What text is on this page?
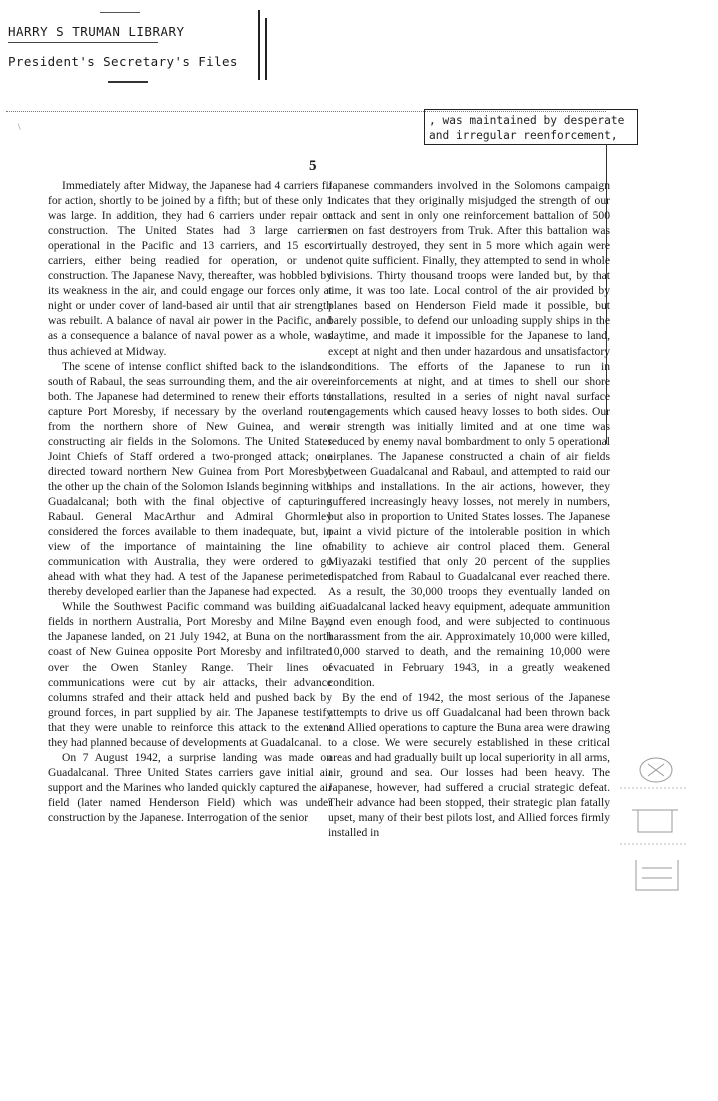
HARRY S TRUMAN LIBRARY
President's Secretary's Files
\	, was maintained by desperate
and irregular reenforcement,
5

Immediately after Midway, the Japanese had 4 carriers fit for action, shortly to be joined by a fifth; but of these only 1 was large. In addition, they had 6 carriers under repair or construction. The United States had 3 large carriers operational in the Pacific and 13 carriers, and 15 escort carriers, either being readied for operation, or under construction. The Japanese Navy, thereafter, was hobbled by its weakness in the air, and could engage our forces only at night or under cover of land-based air until that air strength was rebuilt. A balance of naval air power in the Pacific, and as a consequence a balance of naval power as a whole, was thus achieved at Midway.

The scene of intense conflict shifted back to the islands south of Rabaul, the seas surrounding them, and the air over both. The Japanese had determined to renew their efforts to capture Port Moresby, if necessary by the overland route from the northern shore of New Guinea, and were constructing air fields in the Solomons. The United States Joint Chiefs of Staff ordered a two-pronged attack; one directed toward northern New Guinea from Port Moresby, the other up the chain of the Solomon Islands beginning with Guadalcanal; both with the final objective of capturing Rabaul. General MacArthur and Admiral Ghormley considered the forces available to them inadequate, but, in view of the importance of maintaining the line of communication with Australia, they were ordered to go ahead with what they had. A test of the Japanese perimeter thereby developed earlier than the Japanese had expected.

While the Southwest Pacific command was building air fields in northern Australia, Port Moresby and Milne Bay, the Japanese landed, on 21 July 1942, at Buna on the north coast of New Guinea opposite Port Moresby and infiltrated over the Owen Stanley Range. Their lines of communications were cut by air attacks, their advance columns strafed and their attack held and pushed back by ground forces, in part supplied by air. The Japanese testify that they were unable to reinforce this attack to the extent they had planned because of developments at Guadalcanal.

On 7 August 1942, a surprise landing was made on Guadalcanal. Three United States carriers gave initial air support and the Marines who landed quickly captured the air field (later named Henderson Field) which was under construction by the Japanese. Interrogation of the senior

Japanese commanders involved in the Solomons campaign indicates that they originally misjudged the strength of our attack and sent in only one reinforcement battalion of 500 men on fast destroyers from Truk. After this battalion was virtually destroyed, they sent in 5 more which again were not quite sufficient. Finally, they attempted to send in whole divisions. Thirty thousand troops were landed but, by that time, it was too late. Local control of the air provided by planes based on Henderson Field made it possible, but barely possible, to defend our unloading supply ships in the daytime, and made it impossible for the Japanese to land, except at night and then under hazardous and unsatisfactory conditions. The efforts of the Japanese to run in reinforcements at night, and at times to shell our shore installations, resulted in a series of night naval surface engagements which caused heavy losses to both sides. Our air strength was initially limited and at one time was reduced by enemy naval bombardment to only 5 operational airplanes. The Japanese constructed a chain of air fields between Guadalcanal and Rabaul, and attempted to raid our ships and installations. In the air actions, however, they suffered increasingly heavy losses, not merely in numbers, but also in proportion to United States losses. The Japanese paint a vivid picture of the intolerable position in which inability to achieve air control placed them. General Miyazaki testified that only 20 percent of the supplies dispatched from Rabaul to Guadalcanal ever reached there. As a result, the 30,000 troops they eventually landed on Guadalcanal lacked heavy equipment, adequate ammunition and even enough food, and were subjected to continuous harassment from the air. Approximately 10,000 were killed, 10,000 starved to death, and the remaining 10,000 were evacuated in February 1943, in a greatly weakened condition.

By the end of 1942, the most serious of the Japanese attempts to drive us off Guadalcanal had been thrown back and Allied operations to capture the Buna area were drawing to a close. We were securely established in these critical areas and had gradually built up local superiority in all arms, air, ground and sea. Our losses had been heavy. The Japanese, however, had suffered a crucial strategic defeat. Their advance had been stopped, their strategic plan fatally upset, many of their best pilots lost, and Allied forces firmly installed in
